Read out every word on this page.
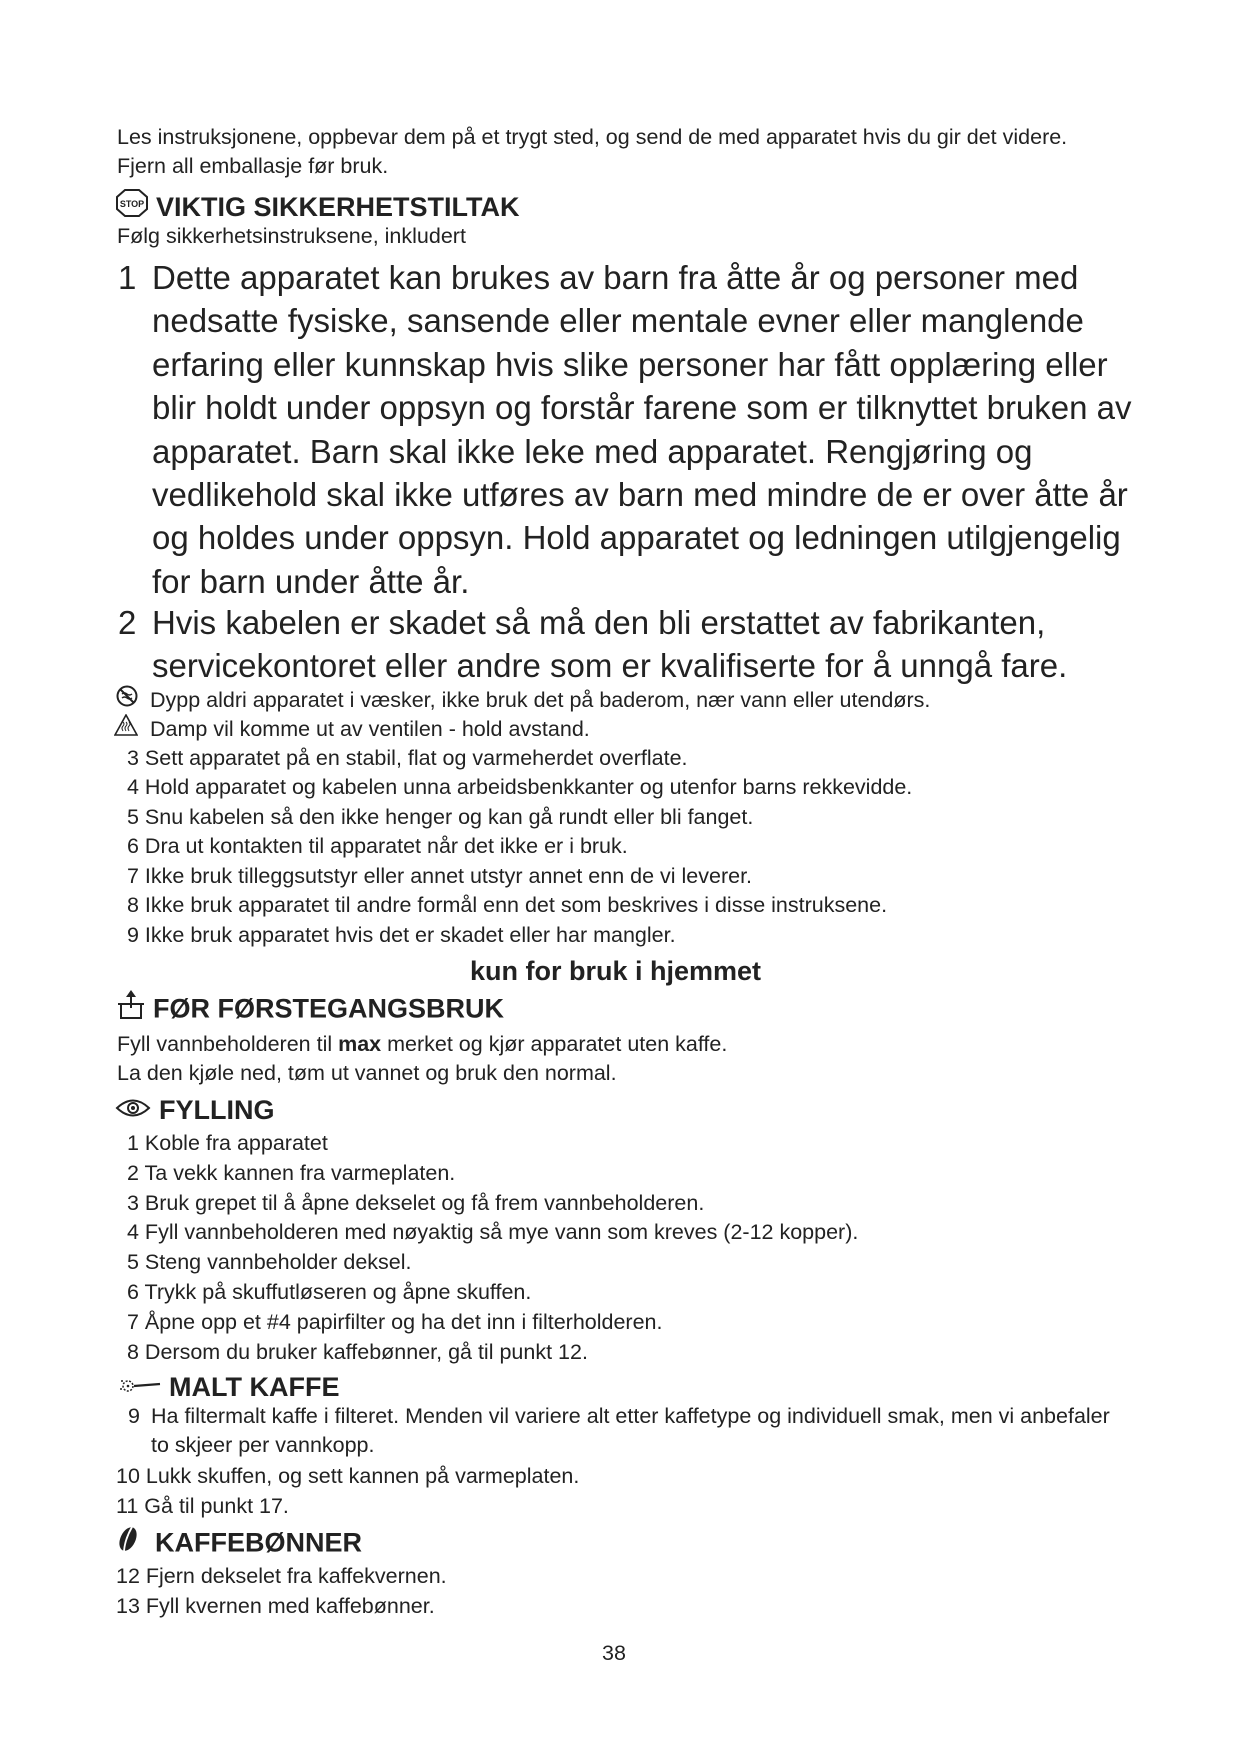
Les instruksjonene, oppbevar dem på et trygt sted, og send de med apparatet hvis du gir det videre. Fjern all emballasje før bruk.
STOP VIKTIG SIKKERHETSTILTAK
Følg sikkerhetsinstruksene, inkludert
1 Dette apparatet kan brukes av barn fra åtte år og personer med nedsatte fysiske, sansende eller mentale evner eller manglende erfaring eller kunnskap hvis slike personer har fått opplæring eller blir holdt under oppsyn og forstår farene som er tilknyttet bruken av apparatet. Barn skal ikke leke med apparatet. Rengjøring og vedlikehold skal ikke utføres av barn med mindre de er over åtte år og holdes under oppsyn. Hold apparatet og ledningen utilgjengelig for barn under åtte år.
2 Hvis kabelen er skadet så må den bli erstattet av fabrikanten, servicekontoret eller andre som er kvalifiserte for å unngå fare.
Dypp aldri apparatet i væsker, ikke bruk det på baderom, nær vann eller utendørs.
Damp vil komme ut av ventilen - hold avstand.
3 Sett apparatet på en stabil, flat og varmeherdet overflate.
4 Hold apparatet og kabelen unna arbeidsbenkkanter og utenfor barns rekkevidde.
5 Snu kabelen så den ikke henger og kan gå rundt eller bli fanget.
6 Dra ut kontakten til apparatet når det ikke er i bruk.
7 Ikke bruk tilleggsutstyr eller annet utstyr annet enn de vi leverer.
8 Ikke bruk apparatet til andre formål enn det som beskrives i disse instruksene.
9 Ikke bruk apparatet hvis det er skadet eller har mangler.
kun for bruk i hjemmet
FØR FØRSTEGANGSBRUK
Fyll vannbeholderen til max merket og kjør apparatet uten kaffe.
La den kjøle ned, tøm ut vannet og bruk den normal.
FYLLING
1 Koble fra apparatet
2 Ta vekk kannen fra varmeplaten.
3 Bruk grepet til å åpne dekselet og få frem vannbeholderen.
4 Fyll vannbeholderen med nøyaktig så mye vann som kreves (2-12 kopper).
5 Steng vannbeholder deksel.
6 Trykk på skuffutløseren og åpne skuffen.
7 Åpne opp et #4 papirfilter og ha det inn i filterholderen.
8 Dersom du bruker kaffebønner, gå til punkt 12.
MALT KAFFE
9 Ha filtermalt kaffe i filteret. Menden vil variere alt etter kaffetype og individuell smak, men vi anbefaler to skjeer per vannkopp.
10 Lukk skuffen, og sett kannen på varmeplaten.
11 Gå til punkt 17.
KAFFEBØNNER
12 Fjern dekselet fra kaffekvernen.
13 Fyll kvernen med kaffebønner.
38
